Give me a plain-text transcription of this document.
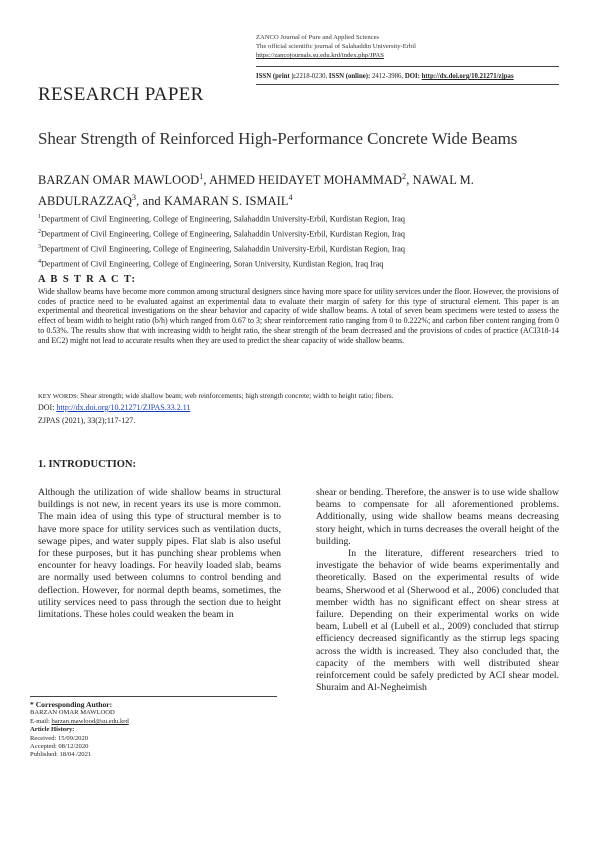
ZANCO Journal of Pure and Applied Sciences
The official scientific journal of Salahaddin University-Erbil
https://zancojournals.su.edu.krd/index.php/JPAS
ISSN (print ):2218-0230, ISSN (online): 2412-3986, DOI: http://dx.doi.org/10.21271/zjpas
RESEARCH PAPER
Shear Strength of Reinforced High-Performance Concrete Wide Beams
BARZAN OMAR MAWLOOD$^1$, AHMED HEIDAYET MOHAMMAD$^2$, NAWAL M. ABDULRAZZAQ$^3$, and KAMARAN S. ISMAIL$^4$
$^1$Department of Civil Engineering, College of Engineering, Salahaddin University-Erbil, Kurdistan Region, Iraq
$^2$Department of Civil Engineering, College of Engineering, Salahaddin University-Erbil, Kurdistan Region, Iraq
$^3$Department of Civil Engineering, College of Engineering, Salahaddin University-Erbil, Kurdistan Region, Iraq
$^4$Department of Civil Engineering, College of Engineering, Soran University, Kurdistan Region, Iraq Iraq
A B S T R A C T:
Wide shallow beams have become more common among structural designers since having more space for utility services under the floor. However, the provisions of codes of practice need to be evaluated against an experimental data to evaluate their margin of safety for this type of structural element. This paper is an experimental and theoretical investigations on the shear behavior and capacity of wide shallow beams. A total of seven beam specimens were tested to assess the effect of beam width to height ratio (b/h) which ranged from 0.67 to 3; shear reinforcement ratio ranging from 0 to 0.222%; and carbon fiber content ranging from 0 to 0.53%. The results show that with increasing width to height ratio, the shear strength of the beam decreased and the provisions of codes of practice (ACI318-14 and EC2) might not lead to accurate results when they are used to predict the shear capacity of wide shallow beams.
KEY WORDS: Shear strength; wide shallow beam; web reinforcements; high strength concrete; width to height ratio; fibers.
DOI: http://dx.doi.org/10.21271/ZJPAS.33.2.11
ZJPAS (2021), 33(2);117-127.
1. INTRODUCTION:

Although the utilization of wide shallow beams in structural buildings is not new, in recent years its use is more common. The main idea of using this type of structural member is to have more space for utility services such as ventilation ducts, sewage pipes, and water supply pipes. Flat slab is also useful for these purposes, but it has punching shear problems when encounter for heavy loadings. For heavily loaded slab, beams are normally used between columns to control bending and deflection. However, for normal depth beams, sometimes, the utility services need to pass through the section due to height limitations. These holes could weaken the beam in

shear or bending. Therefore, the answer is to use wide shallow beams to compensate for all aforementioned problems. Additionally, using wide shallow beams means decreasing story height, which in turns decreases the overall height of the building.

In the literature, different researchers tried to investigate the behavior of wide beams experimentally and theoretically. Based on the experimental results of wide beams, Sherwood et al (Sherwood et al., 2006) concluded that member width has no significant effect on shear stress at failure. Depending on their experimental works on wide beam, Lubell et al (Lubell et al., 2009) concluded that stirrup efficiency decreased significantly as the stirrup legs spacing across the width is increased. They also concluded that, the capacity of the members with well distributed shear reinforcement could be safely predicted by ACI shear model. Shuraim and Al-Negheimish

* Corresponding Author:
BARZAN OMAR MAWLOOD
E-mail: barzan.mawlood@su.edu.krd
Article History:
Received: 15/09/2020
Accepted: 08/12/2020
Published: 18/04 /2021
